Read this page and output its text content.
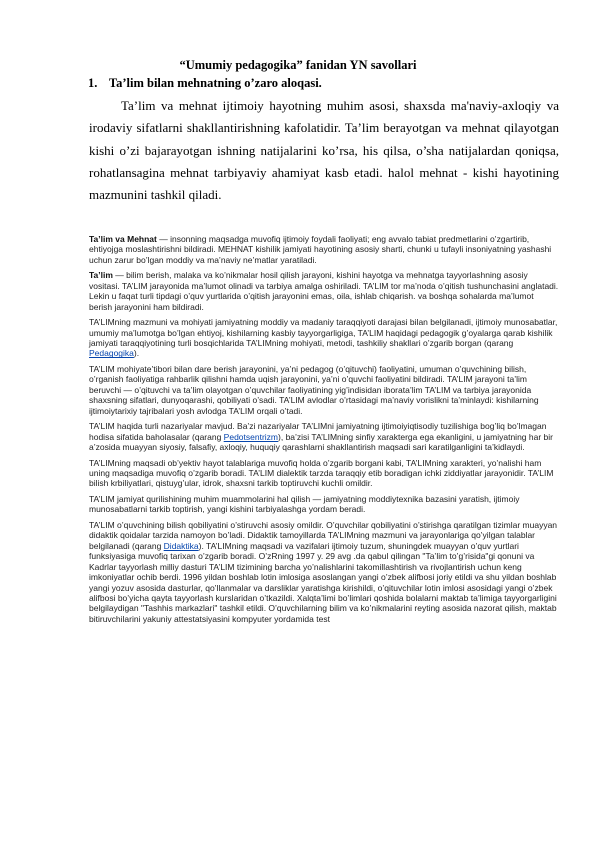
“Umumiy pedagogika” fanidan YN savollari
1. Ta’lim bilan mehnatning o’zaro aloqasi.

Ta’lim va mehnat ijtimoiy hayotning muhim asosi, shaxsda ma'naviy-axloqiy va irodaviy sifatlarni shakllantirishning kafolatidir. Ta’lim berayotgan va mehnat qilayotgan kishi o’zi bajarayotgan ishning natijalarini ko’rsa, his qilsa, o’sha natijalardan qoniqsa, rohatlansagina mehnat tarbiyaviy ahamiyat kasb etadi. halol mehnat - kishi hayotining mazmunini tashkil qiladi.

Ta’lim va Mehnat — insonning maqsadga muvofiq ijtimoiy foydali faoliyati; eng avvalo tabiat predmetlarini o’zgartirib, ehtiyojga moslashtirishni bildiradi. MEHNAT kishilik jamiyati hayotining asosiy sharti, chunki u tufayli insoniyatning yashashi uchun zarur bo’lgan moddiy va ma’naviy ne’matlar yaratiladi.

Ta’lim — bilim berish, malaka va ko’nikmalar hosil qilish jarayoni, kishini hayotga va mehnatga tayyorlashning asosiy vositasi. TA’LIM jarayonida ma’lumot olinadi va tarbiya amalga oshiriladi. TA’LIM tor ma’noda o’qitish tushunchasini anglatadi. Lekin u faqat turli tipdagi o’quv yurtlarida o’qitish jarayonini emas, oila, ishlab chiqarish. va boshqa sohalarda ma’lumot berish jarayonini ham bildiradi.

TA’LIMning mazmuni va mohiyati jamiyatning moddiy va madaniy taraqqiyoti darajasi bilan belgilanadi, ijtimoiy munosabatlar, umumiy ma’lumotga bo’lgan ehtiyoj, kishilarning kasbiy tayyorgarligiga, TA’LIM haqidagi pedagogik g’oyalarga qarab kishilik jamiyati taraqqiyotining turli bosqichlarida TA’LIMning mohiyati, metodi, tashkiliy shakllari o’zgarib borgan (qarang Pedagogika).

TA’LIM mohiyate’tibori bilan dare berish jarayonini, ya’ni pedagog (o’qituvchi) faoliyatini, umuman o’quvchining bilish, o’rganish faoliyatiga rahbarlik qilishni hamda uqish jarayonini, ya’ni o’quvchi faoliyatini bildiradi. TA’LIM jarayoni ta’lim beruvchi — o’qituvchi va ta’lim olayotgan o’quvchilar faoliyatining yig’indisidan iborata’lim TA’LIM va tarbiya jarayonida shaxsning sifatlari, dunyoqarashi, qobiliyati o’sadi. TA’LIM avlodlar o’rtasidagi ma’naviy vorislikni ta’minlaydi: kishilarning ijtimoiytarixiy tajribalari yosh avlodga TA’LIM orqali o’tadi.

TA’LIM haqida turli nazariyalar mavjud. Ba’zi nazariyalar TA’LIMni jamiyatning ijtimoiyiqtisodiy tuzilishiga bog’liq bo’lmagan hodisa sifatida baholasalar (qarang Pedotsentrizm), ba’zisi TA’LIMning sinfiy xarakterga ega ekanligini, u jamiyatning har bir a’zosida muayyan siyosiy, falsafiy, axloqiy, huquqiy qarashlarni shakllantirish maqsadi sari karatilganligini ta’kidlaydi.

TA’LIMning maqsadi ob’yektiv hayot talablariga muvofiq holda o’zgarib borgani kabi, TA’LIMning xarakteri, yo’nalishi ham uning maqsadiga muvofiq o’zgarib boradi. TA’LIM dialektik tarzda taraqqiy etib boradigan ichki ziddiyatlar jarayonidir. TA’LIM bilish krbiliyatlari, qistuyg’ular, idrok, shaxsni tarkib toptiruvchi kuchli omildir.

TA’LIM jamiyat qurilishining muhim muammolarini hal qilish — jamiyatning moddiytexnika bazasini yaratish, ijtimoiy munosabatlarni tarkib toptirish, yangi kishini tarbiyalashga yordam beradi.

TA’LIM o’quvchining bilish qobiliyatini o’stiruvchi asosiy omildir. O’quvchilar qobiliyatini o’stirishga qaratilgan tizimlar muayyan didaktik qoidalar tarzida namoyon bo’ladi. Didaktik tamoyillarda TA’LIMning mazmuni va jarayonlariga qo’yilgan talablar belgilanadi (qarang Didaktika). TA’LIMning maqsadi va vazifalari ijtimoiy tuzum, shuningdek muayyan o’quv yurtlari funksiyasiga muvofiq tarixan o’zgarib boradi. O’zRning 1997 y. 29 avg .da qabul qilingan "Ta’lim to’g’risida"gi qonuni va Kadrlar tayyorlash milliy dasturi TA’LIM tizimining barcha yo’nalishlarini takomillashtirish va rivojlantirish uchun keng imkoniyatlar ochib berdi. 1996 yildan boshlab lotin imlosiga asoslangan yangi o’zbek alifbosi joriy etildi va shu yildan boshlab yangi yozuv asosida dasturlar, qo’llanmalar va darsliklar yaratishga kirishildi, o’qituvchilar lotin imlosi asosidagi yangi o’zbek alifbosi bo’yicha qayta tayyorlash kurslaridan o’tkazildi. Xalqta’limi bo’limlari qoshida bolalarni maktab ta’limiga tayyorgarligini belgilaydigan "Tashhis markazlari" tashkil etildi. O’quvchilarning bilim va ko’nikmalarini reyting asosida nazorat qilish, maktab bitiruvchilarini yakuniy attestatsiyasini kompyuter yordamida test
